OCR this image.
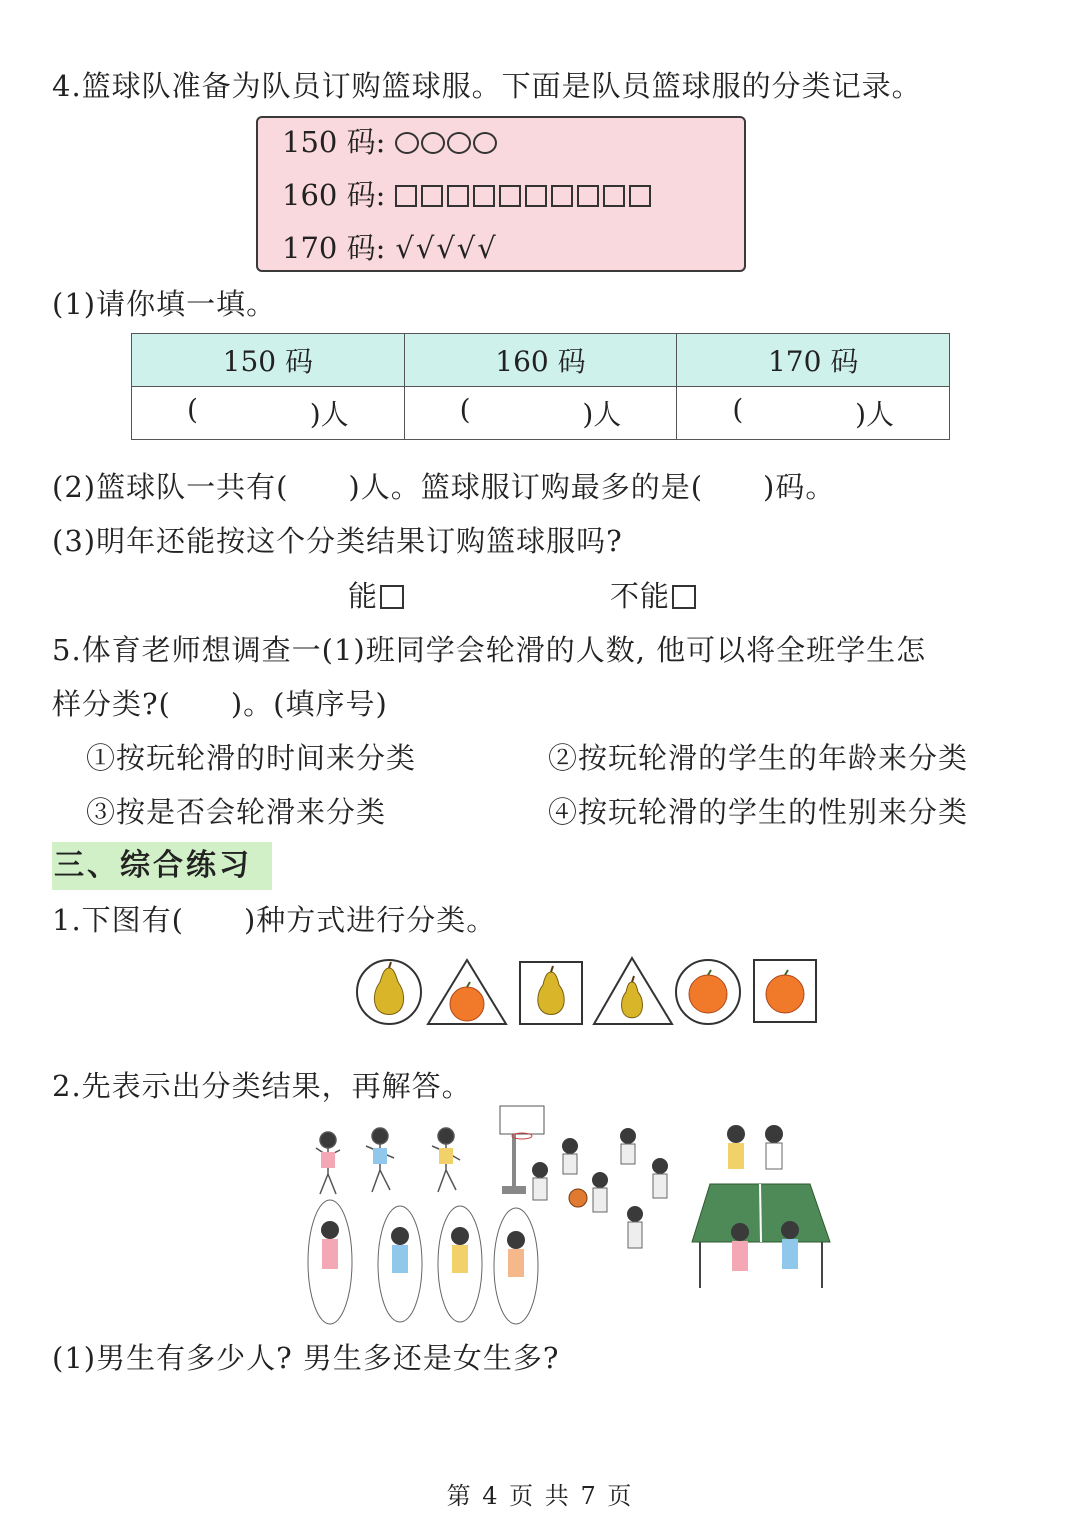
4.篮球队准备为队员订购篮球服。下面是队员篮球服的分类记录。
150 码:
160 码:
170 码: √√√√√
(1)请你填一填。
150 码	160 码	170 码

( )人	( )人	( )人
(2)篮球队一共有(　　)人。篮球服订购最多的是(　　)码。
(3)明年还能按这个分类结果订购篮球服吗?
能	不能
5.体育老师想调查一(1)班同学会轮滑的人数, 他可以将全班学生怎
样分类?(　　)。(填序号)
①按玩轮滑的时间来分类	②按玩轮滑的学生的年龄来分类
③按是否会轮滑来分类	④按玩轮滑的学生的性别来分类
三、综合练习
1.下图有(　　)种方式进行分类。
2.先表示出分类结果，再解答。
(1)男生有多少人? 男生多还是女生多?
第 4 页 共 7 页
